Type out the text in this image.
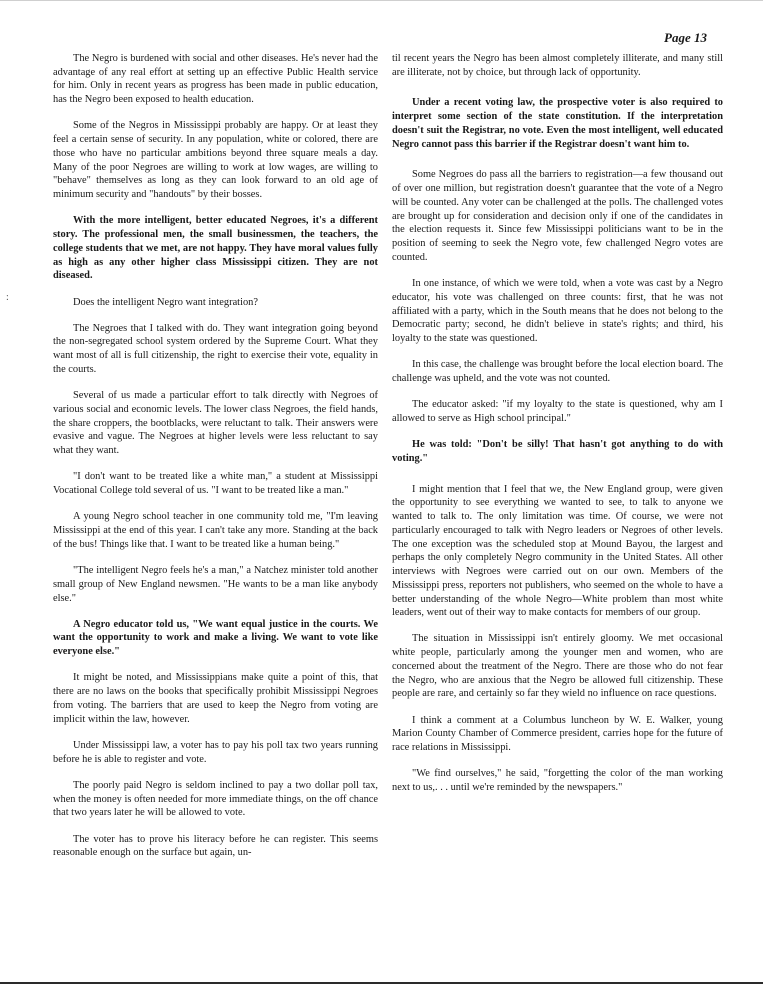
Page 13
:

The Negro is burdened with social and other diseases. He's never had the advantage of any real effort at setting up an effective Public Health service for him. Only in recent years as progress has been made in public education, has the Negro been exposed to health education.

Some of the Negros in Mississippi probably are happy. Or at least they feel a certain sense of security. In any population, white or colored, there are those who have no particular ambitions beyond three square meals a day. Many of the poor Negroes are willing to work at low wages, are willing to "behave" themselves as long as they can look forward to an old age of minimum security and "handouts" by their bosses.

With the more intelligent, better educated Negroes, it's a different story. The professional men, the small businessmen, the teachers, the college students that we met, are not happy. They have moral values fully as high as any other higher class Mississippi citizen. They are not diseased.

Does the intelligent Negro want integration?

The Negroes that I talked with do. They want integration going beyond the non-segregated school system ordered by the Supreme Court. What they want most of all is full citizenship, the right to exercise their vote, equality in the courts.

Several of us made a particular effort to talk directly with Negroes of various social and economic levels. The lower class Negroes, the field hands, the share croppers, the bootblacks, were reluctant to talk. Their answers were evasive and vague. The Negroes at higher levels were less reluctant to say what they want.

"I don't want to be treated like a white man," a student at Mississippi Vocational College told several of us. "I want to be treated like a man."

A young Negro school teacher in one community told me, "I'm leaving Mississippi at the end of this year. I can't take any more. Standing at the back of the bus! Things like that. I want to be treated like a human being."

"The intelligent Negro feels he's a man," a Natchez minister told another small group of New England newsmen. "He wants to be a man like anybody else."

A Negro educator told us, "We want equal justice in the courts. We want the opportunity to work and make a living. We want to vote like everyone else."

It might be noted, and Mississippians make quite a point of this, that there are no laws on the books that specifically prohibit Mississippi Negroes from voting. The barriers that are used to keep the Negro from voting are implicit within the law, however.

Under Mississippi law, a voter has to pay his poll tax two years running before he is able to register and vote.

The poorly paid Negro is seldom inclined to pay a two dollar poll tax, when the money is often needed for more immediate things, on the off chance that two years later he will be allowed to vote.

The voter has to prove his literacy before he can register. This seems reasonable enough on the surface but again, un-

til recent years the Negro has been almost completely illiterate, and many still are illiterate, not by choice, but through lack of opportunity.

Under a recent voting law, the prospective voter is also required to interpret some section of the state constitution. If the interpretation doesn't suit the Registrar, no vote. Even the most intelligent, well educated Negro cannot pass this barrier if the Registrar doesn't want him to.

Some Negroes do pass all the barriers to registration—a few thousand out of over one million, but registration doesn't guarantee that the vote of a Negro will be counted. Any voter can be challenged at the polls. The challenged votes are brought up for consideration and decision only if one of the candidates in the election requests it. Since few Mississippi politicians want to be in the position of seeming to seek the Negro vote, few challenged Negro votes are counted.

In one instance, of which we were told, when a vote was cast by a Negro educator, his vote was challenged on three counts: first, that he was not affiliated with a party, which in the South means that he does not belong to the Democratic party; second, he didn't believe in state's rights; and third, his loyalty to the state was questioned.

In this case, the challenge was brought before the local election board. The challenge was upheld, and the vote was not counted.

The educator asked: "if my loyalty to the state is questioned, why am I allowed to serve as High school principal."

He was told: "Don't be silly! That hasn't got anything to do with voting."

I might mention that I feel that we, the New England group, were given the opportunity to see everything we wanted to see, to talk to anyone we wanted to talk to. The only limitation was time. Of course, we were not particularly encouraged to talk with Negro leaders or Negroes of other levels. The one exception was the scheduled stop at Mound Bayou, the largest and perhaps the only completely Negro community in the United States. All other interviews with Negroes were carried out on our own. Members of the Mississippi press, reporters not publishers, who seemed on the whole to have a better understanding of the whole Negro—White problem than most white leaders, went out of their way to make contacts for members of our group.

The situation in Mississippi isn't entirely gloomy. We met occasional white people, particularly among the younger men and women, who are concerned about the treatment of the Negro. There are those who do not fear the Negro, who are anxious that the Negro be allowed full citizenship. These people are rare, and certainly so far they wield no influence on race questions.

I think a comment at a Columbus luncheon by W. E. Walker, young Marion County Chamber of Commerce president, carries hope for the future of race relations in Mississippi.

"We find ourselves," he said, "forgetting the color of the man working next to us,. . . until we're reminded by the newspapers."
